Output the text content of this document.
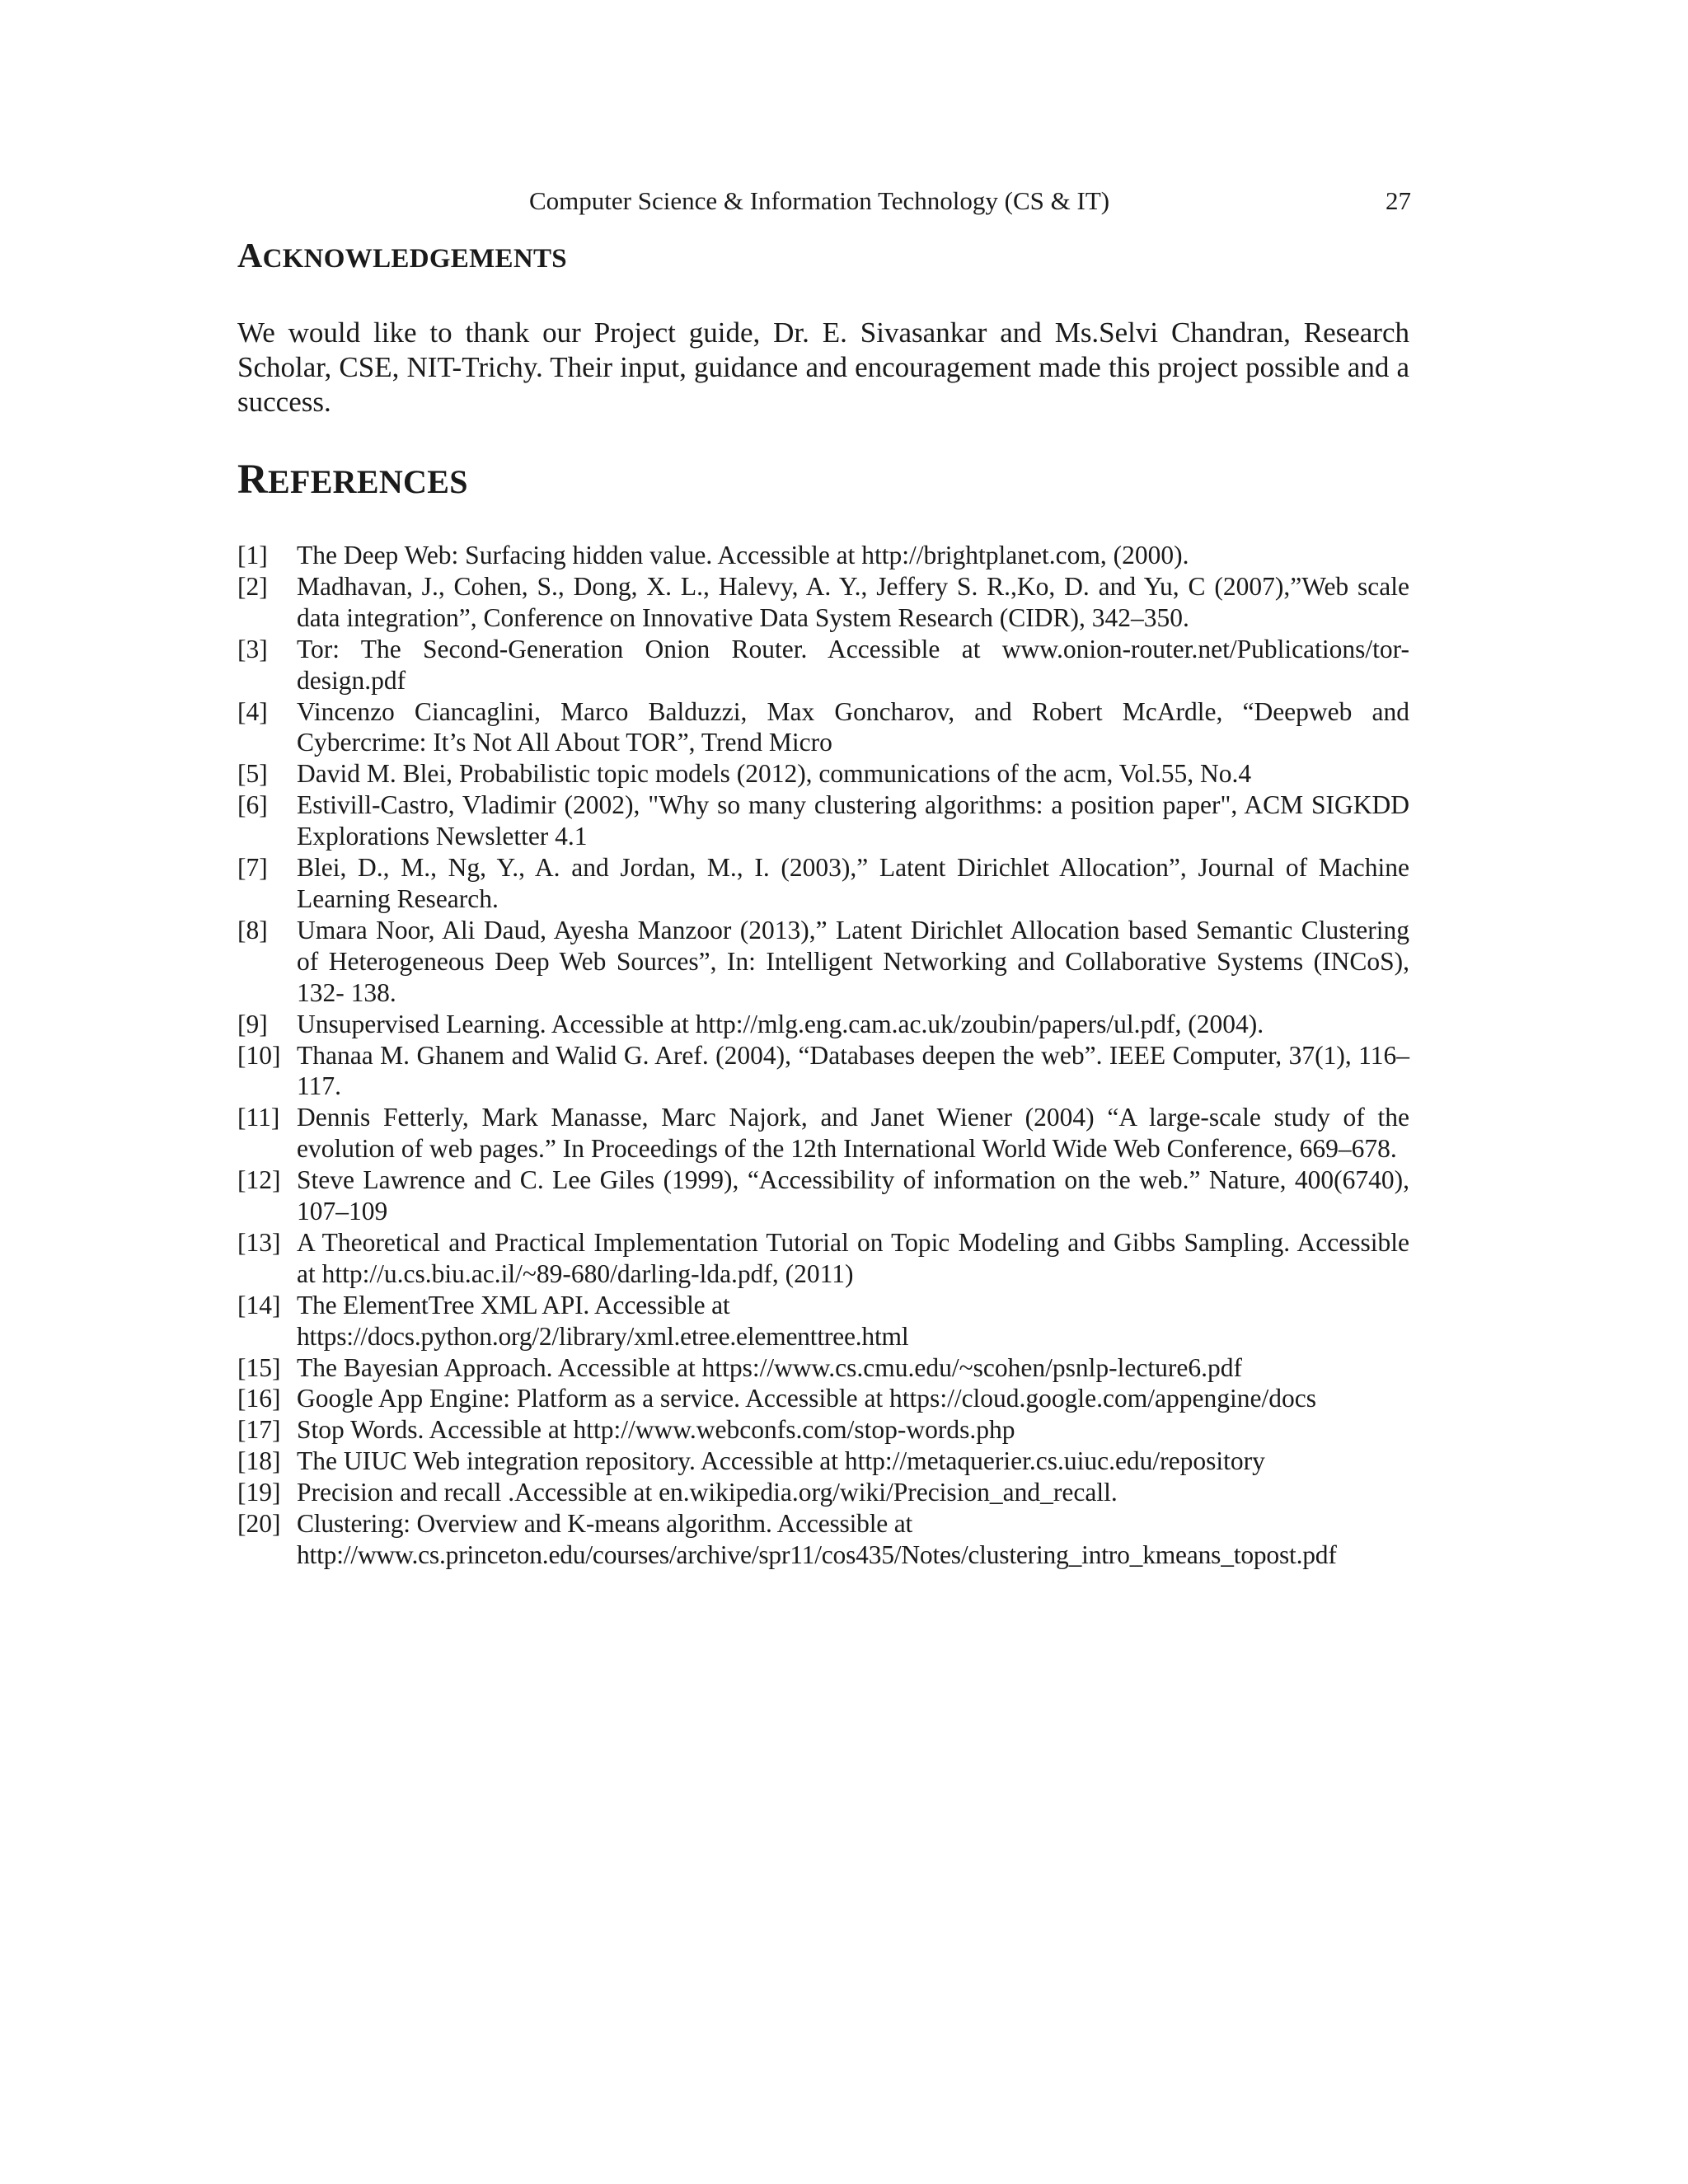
Computer Science & Information Technology (CS & IT)	27
ACKNOWLEDGEMENTS

We would like to thank our Project guide, Dr. E. Sivasankar and Ms.Selvi Chandran, Research Scholar, CSE, NIT-Trichy. Their input, guidance and encouragement made this project possible and a success.

REFERENCES
[1] The Deep Web: Surfacing hidden value. Accessible at http://brightplanet.com, (2000).
[2] Madhavan, J., Cohen, S., Dong, X. L., Halevy, A. Y., Jeffery S. R.,Ko, D. and Yu, C (2007),”Web scale data integration”, Conference on Innovative Data System Research (CIDR), 342–350.
[3] Tor: The Second-Generation Onion Router. Accessible at www.onion-router.net/Publications/tor-design.pdf
[4] Vincenzo Ciancaglini, Marco Balduzzi, Max Goncharov, and Robert McArdle, “Deepweb and Cybercrime: It’s Not All About TOR”, Trend Micro
[5] David M. Blei, Probabilistic topic models (2012), communications of the acm, Vol.55, No.4
[6] Estivill-Castro, Vladimir (2002), "Why so many clustering algorithms: a position paper", ACM SIGKDD Explorations Newsletter 4.1
[7] Blei, D., M., Ng, Y., A. and Jordan, M., I. (2003),” Latent Dirichlet Allocation”, Journal of Machine Learning Research.
[8] Umara Noor, Ali Daud, Ayesha Manzoor (2013),” Latent Dirichlet Allocation based Semantic Clustering of Heterogeneous Deep Web Sources”, In: Intelligent Networking and Collaborative Systems (INCoS), 132- 138.
[9] Unsupervised Learning. Accessible at http://mlg.eng.cam.ac.uk/zoubin/papers/ul.pdf, (2004).
[10] Thanaa M. Ghanem and Walid G. Aref. (2004), “Databases deepen the web”. IEEE Computer, 37(1), 116–117.
[11] Dennis Fetterly, Mark Manasse, Marc Najork, and Janet Wiener (2004) “A large-scale study of the evolution of web pages.” In Proceedings of the 12th International World Wide Web Conference, 669–678.
[12] Steve Lawrence and C. Lee Giles (1999), “Accessibility of information on the web.” Nature, 400(6740), 107–109
[13] A Theoretical and Practical Implementation Tutorial on Topic Modeling and Gibbs Sampling. Accessible at http://u.cs.biu.ac.il/~89-680/darling-lda.pdf, (2011)
[14] The ElementTree XML API. Accessible at
https://docs.python.org/2/library/xml.etree.elementtree.html
[15] The Bayesian Approach. Accessible at https://www.cs.cmu.edu/~scohen/psnlp-lecture6.pdf
[16] Google App Engine: Platform as a service. Accessible at https://cloud.google.com/appengine/docs
[17] Stop Words. Accessible at http://www.webconfs.com/stop-words.php
[18] The UIUC Web integration repository. Accessible at http://metaquerier.cs.uiuc.edu/repository
[19] Precision and recall .Accessible at en.wikipedia.org/wiki/Precision_and_recall.
[20] Clustering: Overview and K-means algorithm. Accessible at
http://www.cs.princeton.edu/courses/archive/spr11/cos435/Notes/clustering_intro_kmeans_topost.pdf
